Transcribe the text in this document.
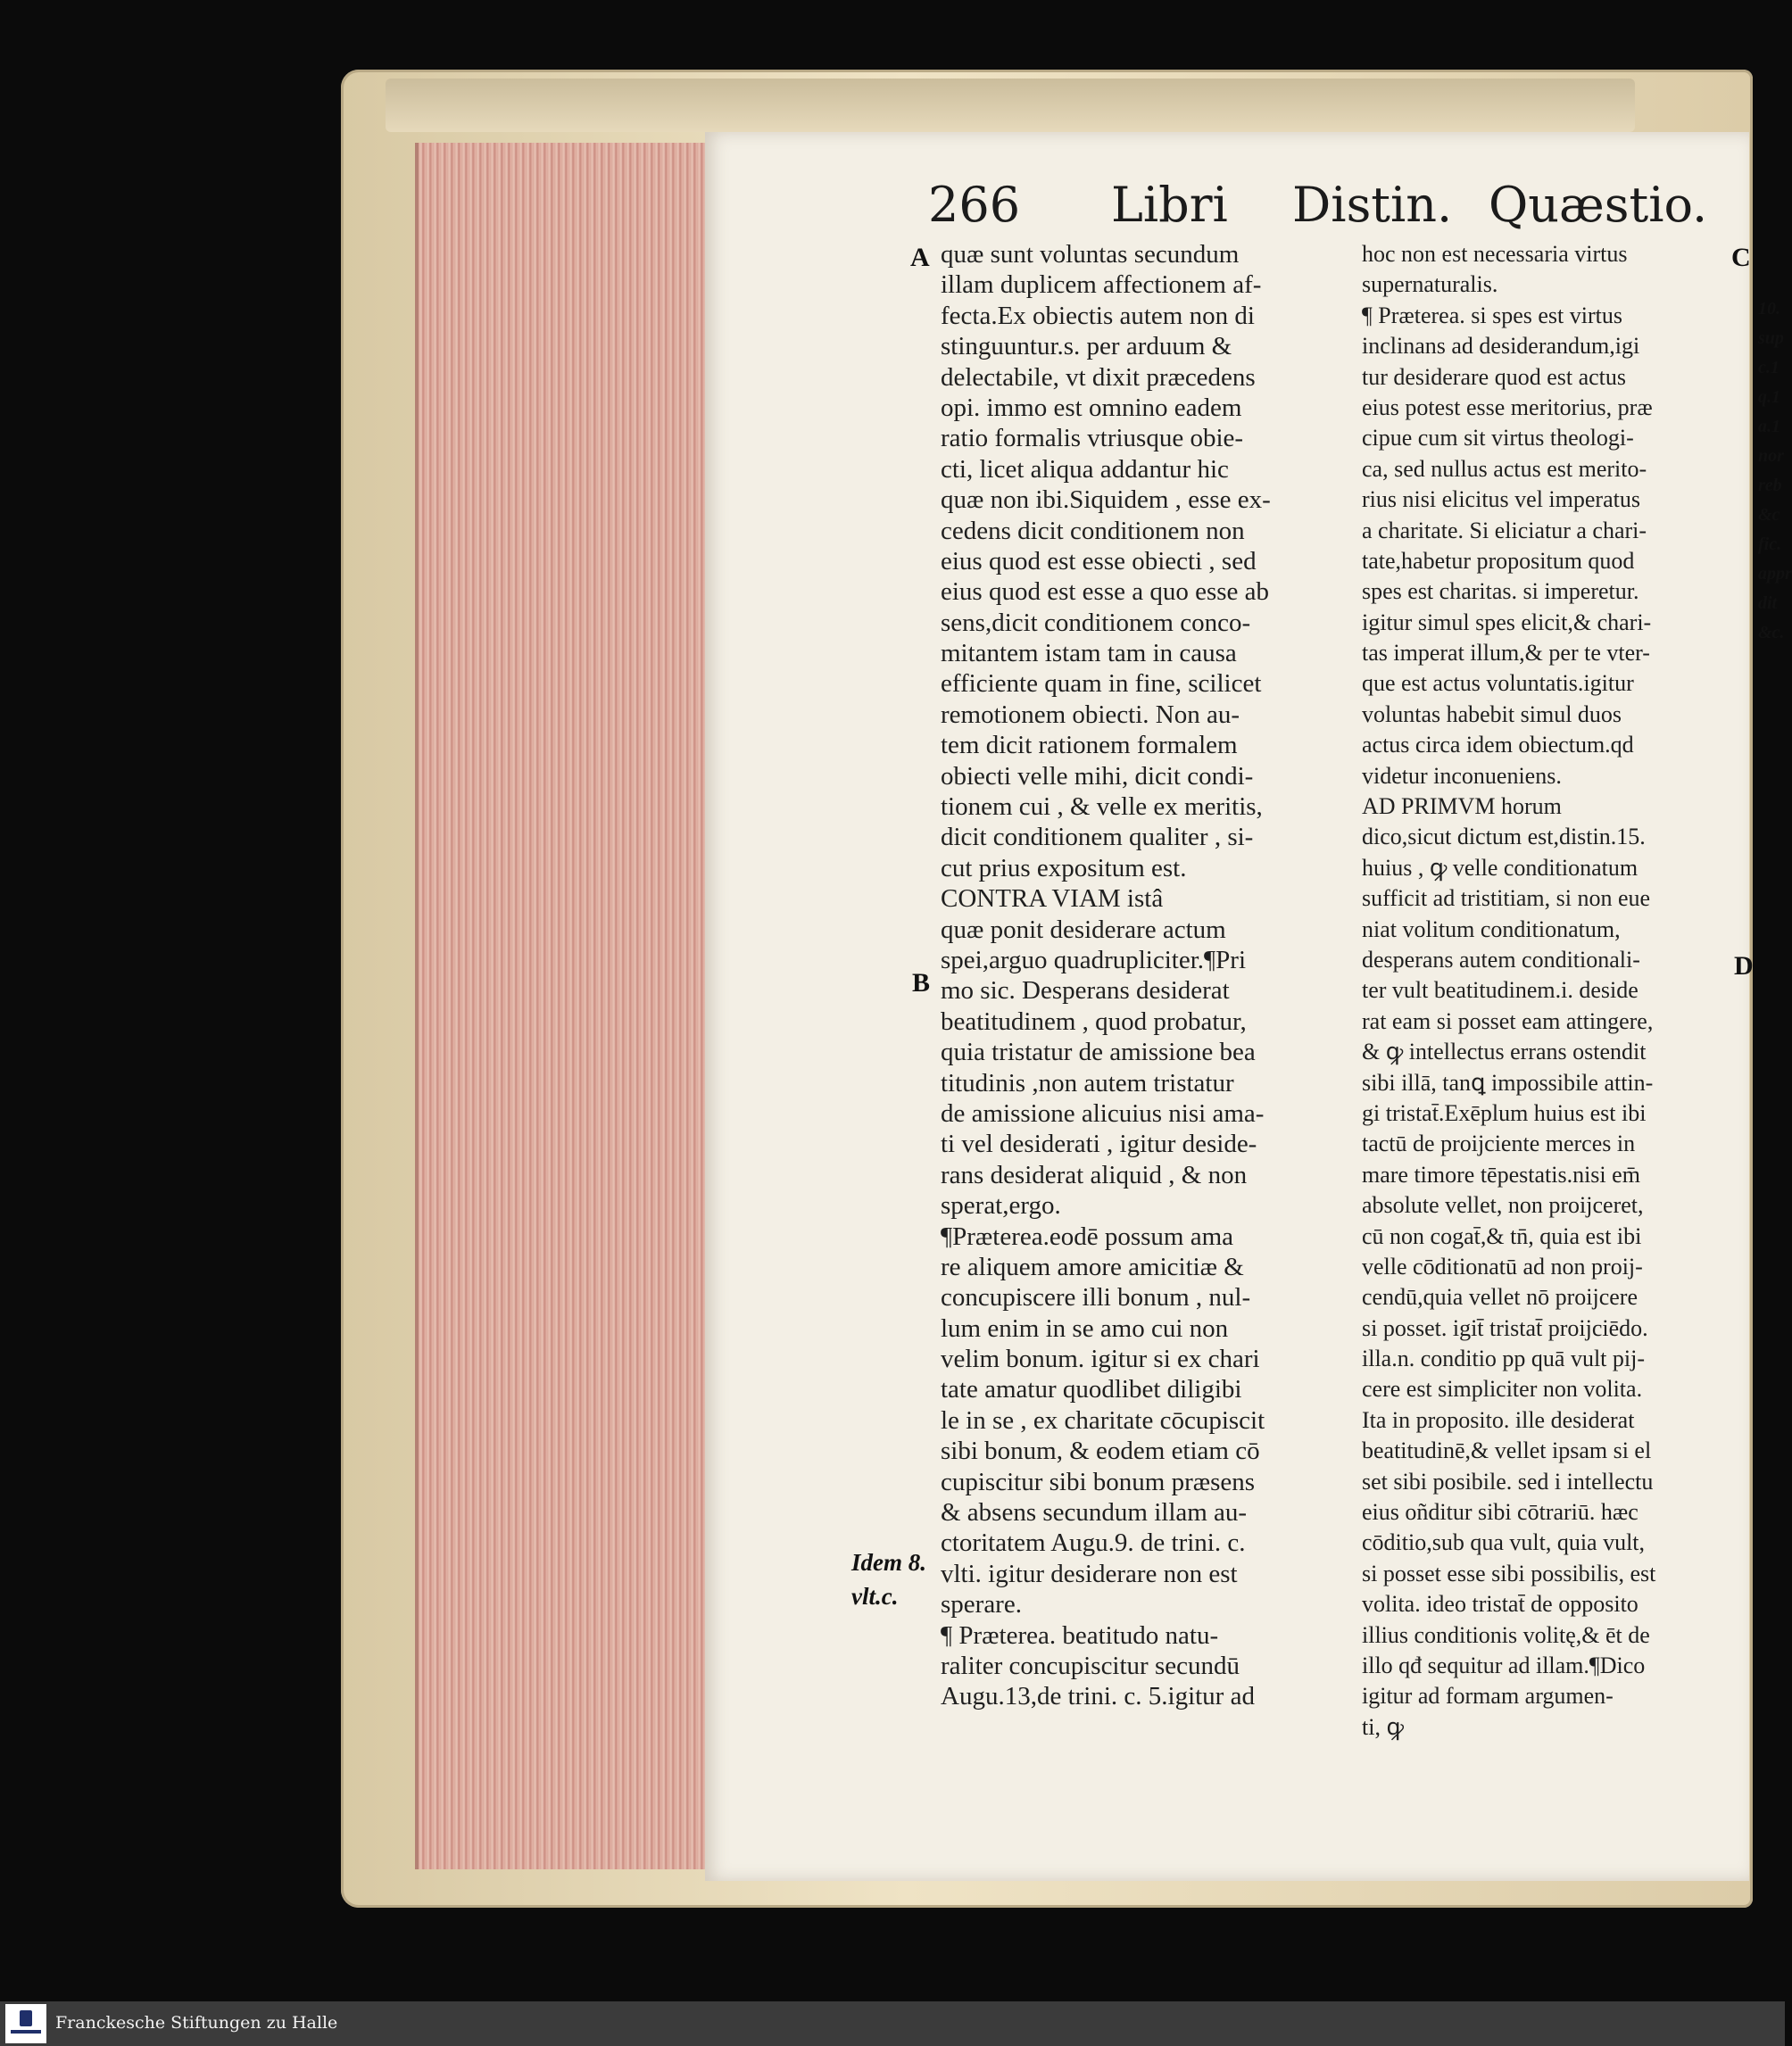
266 Libri Distin. Quæstio.
quæ sunt voluntas secundum
illam duplicem affectionem af-
fecta.Ex obiectis autem non di
stinguuntur.s. per arduum &
delectabile, vt dixit præcedens
opi. immo est omnino eadem
ratio formalis vtriusque obie-
cti, licet aliqua addantur hic
quæ non ibi.Siquidem , esse ex-
cedens dicit conditionem non
eius quod est esse obiecti , sed
eius quod est esse a quo esse ab
sens,dicit conditionem conco-
mitantem istam tam in causa
efficiente quam in fine, scilicet
remotionem obiecti. Non au-
tem dicit rationem formalem
obiecti velle mihi, dicit condi-
tionem cui , & velle ex meritis,
dicit conditionem qualiter , si-
cut prius expositum est.
CONTRA VIAM istâ
quæ ponit desiderare actum
spei,arguo quadrupliciter.¶Pri
mo sic. Desperans desiderat
beatitudinem , quod probatur,
quia tristatur de amissione bea
titudinis ,non autem tristatur
de amissione alicuius nisi ama-
ti vel desiderati , igitur deside-
rans desiderat aliquid , & non
sperat,ergo.
¶Præterea.eodē possum ama
re aliquem amore amicitiæ &
concupiscere illi bonum , nul-
lum enim in se amo cui non
velim bonum. igitur si ex chari
tate amatur quodlibet diligibi
le in se , ex charitate cōcupiscit
sibi bonum, & eodem etiam cō
cupiscitur sibi bonum præsens
& absens secundum illam au-
ctoritatem Augu.9. de trini. c.
vlti. igitur desiderare non est
sperare.
¶ Præterea. beatitudo natu-
raliter concupiscitur secundū
Augu.13,de trini. c. 5.igitur ad
hoc non est necessaria virtus
supernaturalis.
¶ Præterea. si spes est virtus
inclinans ad desiderandum,igi
tur desiderare quod est actus
eius potest esse meritorius, præ
cipue cum sit virtus theologi-
ca, sed nullus actus est merito-
rius nisi elicitus vel imperatus
a charitate. Si eliciatur a chari-
tate,habetur propositum quod
spes est charitas. si imperetur.
igitur simul spes elicit,& chari-
tas imperat illum,& per te vter-
que est actus voluntatis.igitur
voluntas habebit simul duos
actus circa idem obiectum.qd
videtur inconueniens.
AD PRIMVM horum
dico,sicut dictum est,distin.15.
huius , ꝙ velle conditionatum
sufficit ad tristitiam, si non eue
niat volitum conditionatum,
desperans autem conditionali-
ter vult beatitudinem.i. deside
rat eam si posset eam attingere,
& ꝙ intellectus errans ostendit
sibi illā, tanꝗ impossibile attin-
gi tristat̄.Exēplum huius est ibi
tactū de proijciente merces in
mare timore tēpestatis.nisi em̄
absolute vellet, non proijceret,
cū non cogat̄,& tn̄, quia est ibi
velle cōditionatū ad non proij-
cendū,quia vellet nō proijcere
si posset. igit̄ tristat̄ proijciēdo.
illa.n. conditio pp quā vult pij-
cere est simpliciter non volita.
Ita in proposito. ille desiderat
beatitudinē,& vellet ipsam si el
set sibi posibile. sed i intellectu
eius oñditur sibi cōtrariū. hæc
cōditio,sub qua vult, quia vult,
si posset esse sibi possibilis, est
volita. ideo tristat̄ de opposito
illius conditionis volitę,& ēt de
illo qđ sequitur ad illam.¶Dico
igitur ad formam argumen-
ti, ꝙ
A
B
C
D
Idem 8.
vlt.c.
10.
sup
c.1
q.1
a.1
nor
reb
&c
fic.
appr
dit
&c.
Franckesche Stiftungen zu Halle
